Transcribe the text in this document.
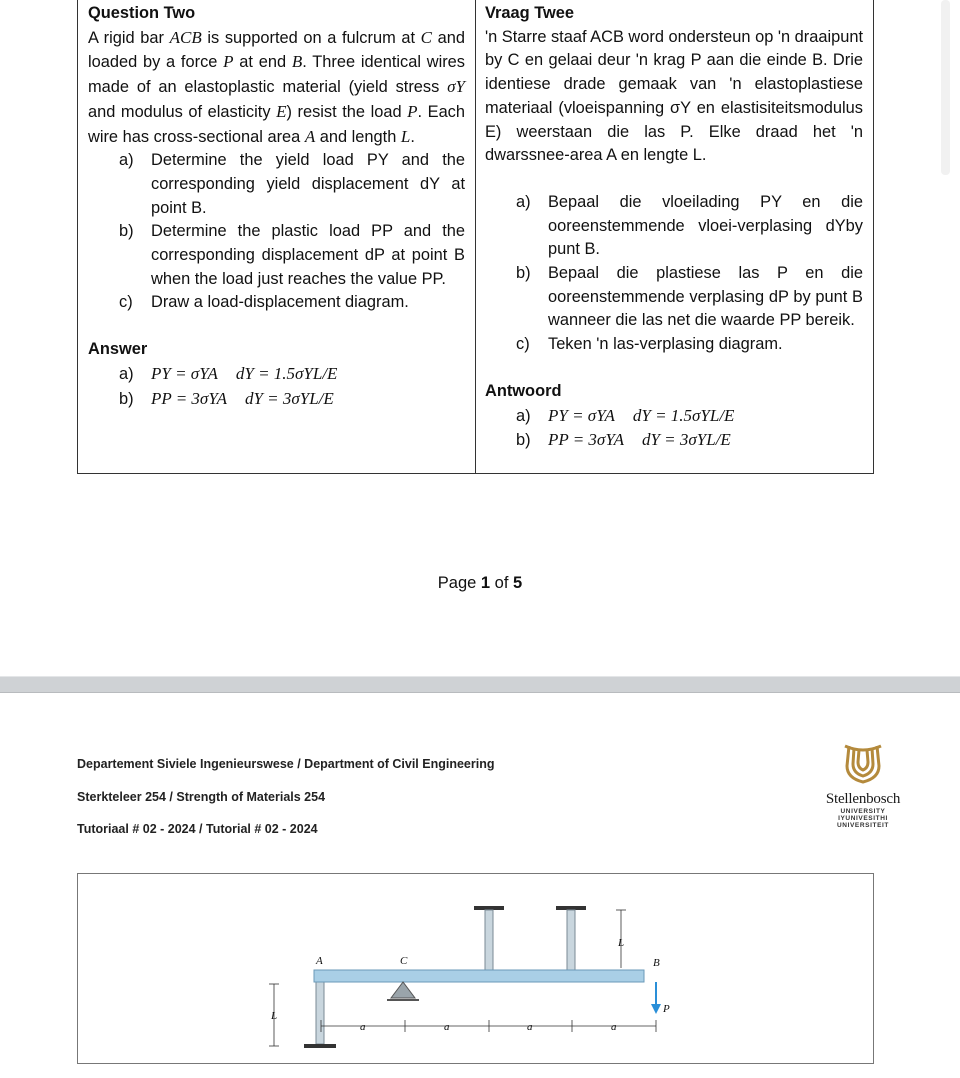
Question Two
A rigid bar ACB is supported on a fulcrum at C and loaded by a force P at end B. Three identical wires made of an elastoplastic material (yield stress σY and modulus of elasticity E) resist the load P. Each wire has cross-sectional area A and length L.
a) Determine the yield load PY and the corresponding yield displacement dY at point B.
b) Determine the plastic load PP and the corresponding displacement dP at point B when the load just reaches the value PP.
c) Draw a load-displacement diagram.
Answer
a) PY = σYA dY = 1.5σYL/E
b) PP = 3σYA dY = 3σYL/E
Vraag Twee
'n Starre staaf ACB word ondersteun op 'n draaipunt by C en gelaai deur 'n krag P aan die einde B. Drie identiese drade gemaak van 'n elastoplastiese materiaal (vloeispanning σY en elastisiteitsmodulus E) weerstaan die las P. Elke draad het 'n dwarssnee-area A en lengte L.
a) Bepaal die vloeilading PY en die ooreenstemmende vloei-verplasing dYby punt B.
b) Bepaal die plastiese las P en die ooreenstemmende verplasing dP by punt B wanneer die las net die waarde PP bereik.
c) Teken 'n las-verplasing diagram.
Antwoord
a) PY = σYA dY = 1.5σYL/E
b) PP = 3σYA dY = 3σYL/E
Page 1 of 5
Departement Siviele Ingenieurswese / Department of Civil Engineering
Sterkteleer 254 / Strength of Materials 254
Tutoriaal # 02 - 2024 / Tutorial # 02 - 2024
Stellenbosch
UNIVERSITY
IYUNIVESITHI
UNIVERSITEIT
A	C	B
P
L
L
a	a	a	a
